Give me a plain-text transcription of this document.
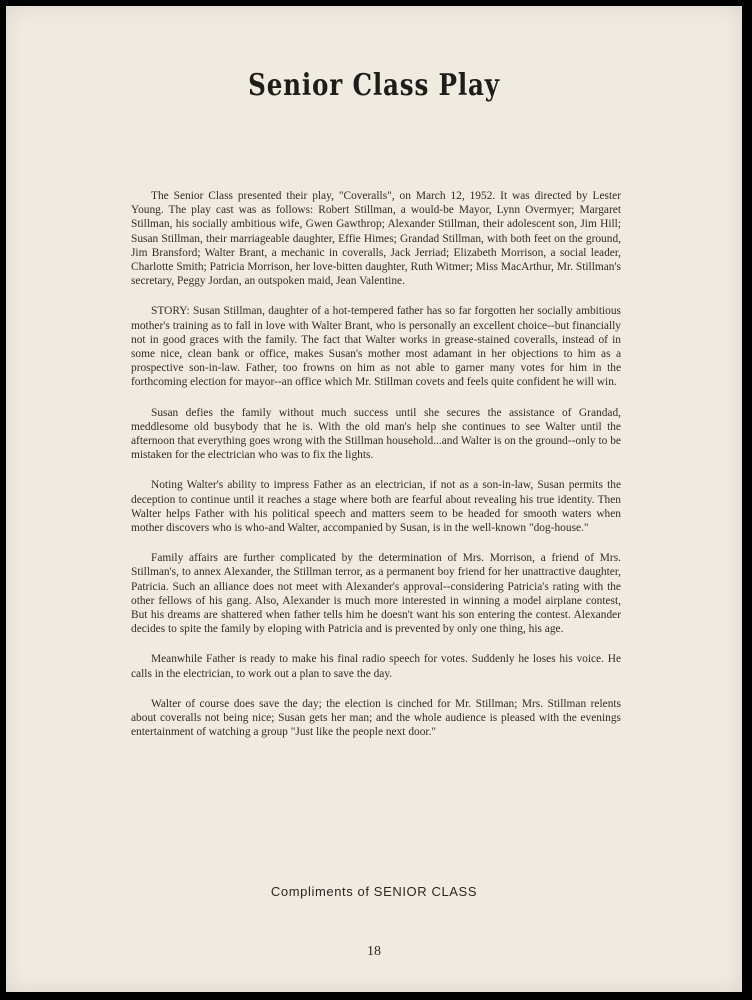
Senior Class Play

The Senior Class presented their play, "Coveralls", on March 12, 1952. It was directed by Lester Young. The play cast was as follows: Robert Stillman, a would-be Mayor, Lynn Overmyer; Margaret Stillman, his socially ambitious wife, Gwen Gawthrop; Alexander Stillman, their adolescent son, Jim Hill; Susan Stillman, their marriageable daughter, Effie Himes; Grandad Stillman, with both feet on the ground, Jim Bransford; Walter Brant, a mechanic in coveralls, Jack Jerriad; Elizabeth Morrison, a social leader, Charlotte Smith; Patricia Morrison, her love-bitten daughter, Ruth Witmer; Miss MacArthur, Mr. Stillman's secretary, Peggy Jordan, an outspoken maid, Jean Valentine.

STORY: Susan Stillman, daughter of a hot-tempered father has so far forgotten her socially ambitious mother's training as to fall in love with Walter Brant, who is personally an excellent choice--but financially not in good graces with the family. The fact that Walter works in grease-stained coveralls, instead of in some nice, clean bank or office, makes Susan's mother most adamant in her objections to him as a prospective son-in-law. Father, too frowns on him as not able to garner many votes for him in the forthcoming election for mayor--an office which Mr. Stillman covets and feels quite confident he will win.

Susan defies the family without much success until she secures the assistance of Grandad, meddlesome old busybody that he is. With the old man's help she continues to see Walter until the afternoon that everything goes wrong with the Stillman household...and Walter is on the ground--only to be mistaken for the electrician who was to fix the lights.

Noting Walter's ability to impress Father as an electrician, if not as a son-in-law, Susan permits the deception to continue until it reaches a stage where both are fearful about revealing his true identity. Then Walter helps Father with his political speech and matters seem to be headed for smooth waters when mother discovers who is who-and Walter, accompanied by Susan, is in the well-known "dog-house."

Family affairs are further complicated by the determination of Mrs. Morrison, a friend of Mrs. Stillman's, to annex Alexander, the Stillman terror, as a permanent boy friend for her unattractive daughter, Patricia. Such an alliance does not meet with Alexander's approval--considering Patricia's rating with the other fellows of his gang. Also, Alexander is much more interested in winning a model airplane contest, But his dreams are shattered when father tells him he doesn't want his son entering the contest. Alexander decides to spite the family by eloping with Patricia and is prevented by only one thing, his age.

Meanwhile Father is ready to make his final radio speech for votes. Suddenly he loses his voice. He calls in the electrician, to work out a plan to save the day.

Walter of course does save the day; the election is cinched for Mr. Stillman; Mrs. Stillman relents about coveralls not being nice; Susan gets her man; and the whole audience is pleased with the evenings entertainment of watching a group "Just like the people next door."

Compliments of SENIOR CLASS
18
